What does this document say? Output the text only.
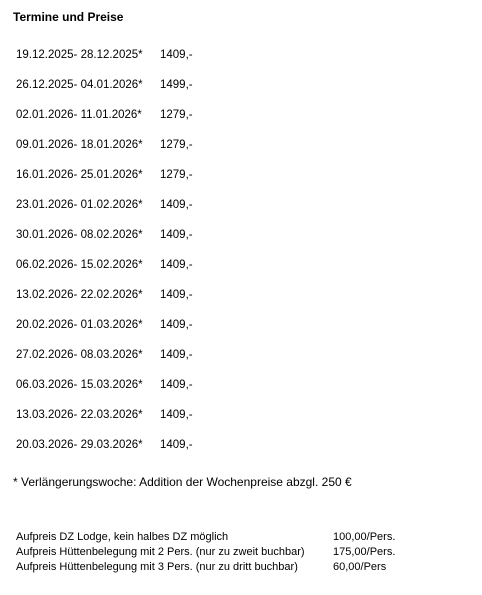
Termine und Preise
19.12.2025- 28.12.2025*	1409,-
26.12.2025- 04.01.2026*	1499,-
02.01.2026- 11.01.2026*	1279,-
09.01.2026- 18.01.2026*	1279,-
16.01.2026- 25.01.2026*	1279,-
23.01.2026- 01.02.2026*	1409,-
30.01.2026- 08.02.2026*	1409,-
06.02.2026- 15.02.2026*	1409,-
13.02.2026- 22.02.2026*	1409,-
20.02.2026- 01.03.2026*	1409,-
27.02.2026- 08.03.2026*	1409,-
06.03.2026- 15.03.2026*	1409,-
13.03.2026- 22.03.2026*	1409,-
20.03.2026- 29.03.2026*	1409,-
* Verlängerungswoche: Addition der Wochenpreise abzgl. 250 €
Aufpreis DZ Lodge, kein halbes DZ möglich	100,00/Pers.
Aufpreis Hüttenbelegung mit 2 Pers. (nur zu zweit buchbar)	175,00/Pers.
Aufpreis Hüttenbelegung mit 3 Pers. (nur zu dritt buchbar)	60,00/Pers
